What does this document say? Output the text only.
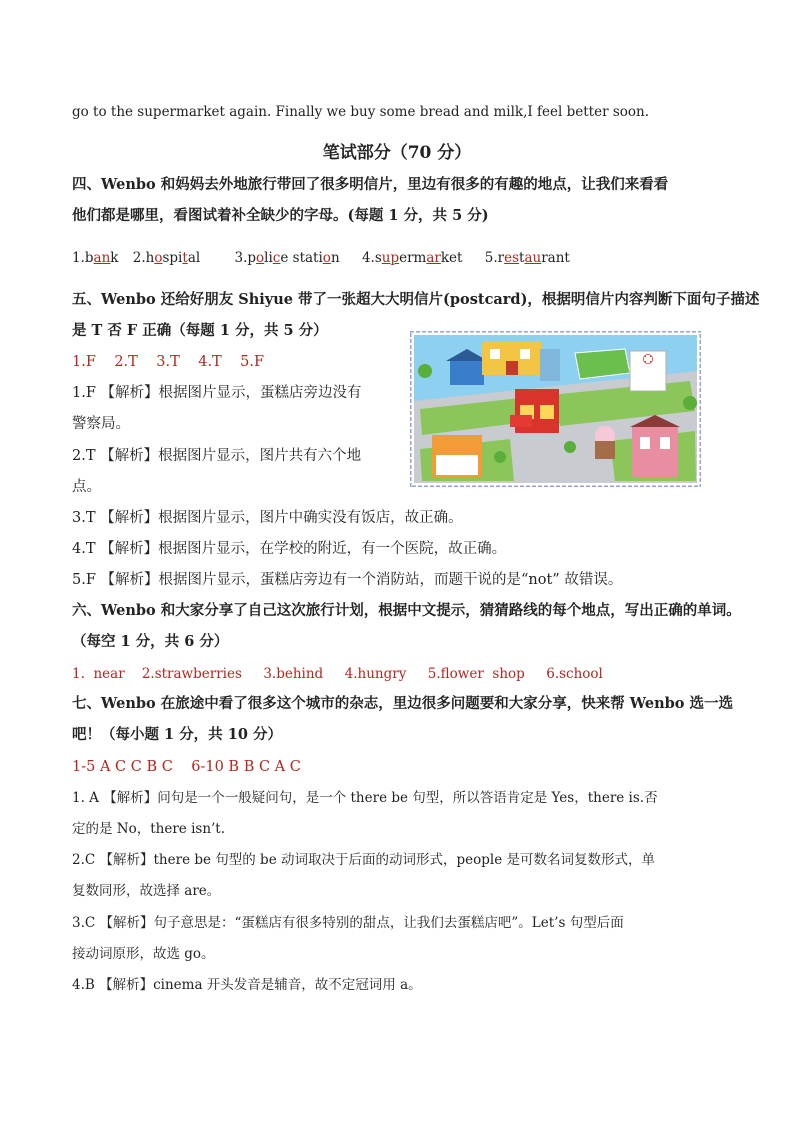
go to the supermarket again. Finally we buy some bread and milk,I feel better soon.
笔试部分（70 分）
四、Wenbo 和妈妈去外地旅行带回了很多明信片，里边有很多的有趣的地点，让我们来看看
他们都是哪里，看图试着补全缺少的字母。(每题 1 分，共 5 分)
1.bank 2.hospital	3.police station 4.supermarket 5.restaurant
五、Wenbo 还给好朋友 Shiyue 带了一张超大大明信片(postcard)，根据明信片内容判断下面句子描述
是 T 否 F 正确（每题 1 分，共 5 分）
1.F    2.T    3.T    4.T    5.F
1.F 【解析】根据图片显示，蛋糕店旁边没有
警察局。
2.T 【解析】根据图片显示，图片共有六个地
点。
3.T 【解析】根据图片显示，图片中确实没有饭店，故正确。
4.T 【解析】根据图片显示，在学校的附近，有一个医院，故正确。
5.F 【解析】根据图片显示，蛋糕店旁边有一个消防站，而题干说的是“not” 故错误。
六、Wenbo 和大家分享了自己这次旅行计划，根据中文提示，猜猜路线的每个地点，写出正确的单词。
（每空 1 分，共 6 分）
1.  near    2.strawberries     3.behind     4.hungry     5.flower  shop     6.school
七、Wenbo 在旅途中看了很多这个城市的杂志，里边很多问题要和大家分享，快来帮 Wenbo 选一选
吧！（每小题 1 分，共 10 分）
1-5 A C C B C    6-10 B B C A C
1. A 【解析】问句是一个一般疑问句，是一个 there be 句型，所以答语肯定是 Yes，there is.否
定的是 No，there isn’t.
2.C 【解析】there be 句型的 be 动词取决于后面的动词形式，people 是可数名词复数形式，单
复数同形，故选择 are。
3.C 【解析】句子意思是：“蛋糕店有很多特别的甜点，让我们去蛋糕店吧”。Let’s 句型后面
接动词原形，故选 go。
4.B 【解析】cinema 开头发音是辅音，故不定冠词用 a。
